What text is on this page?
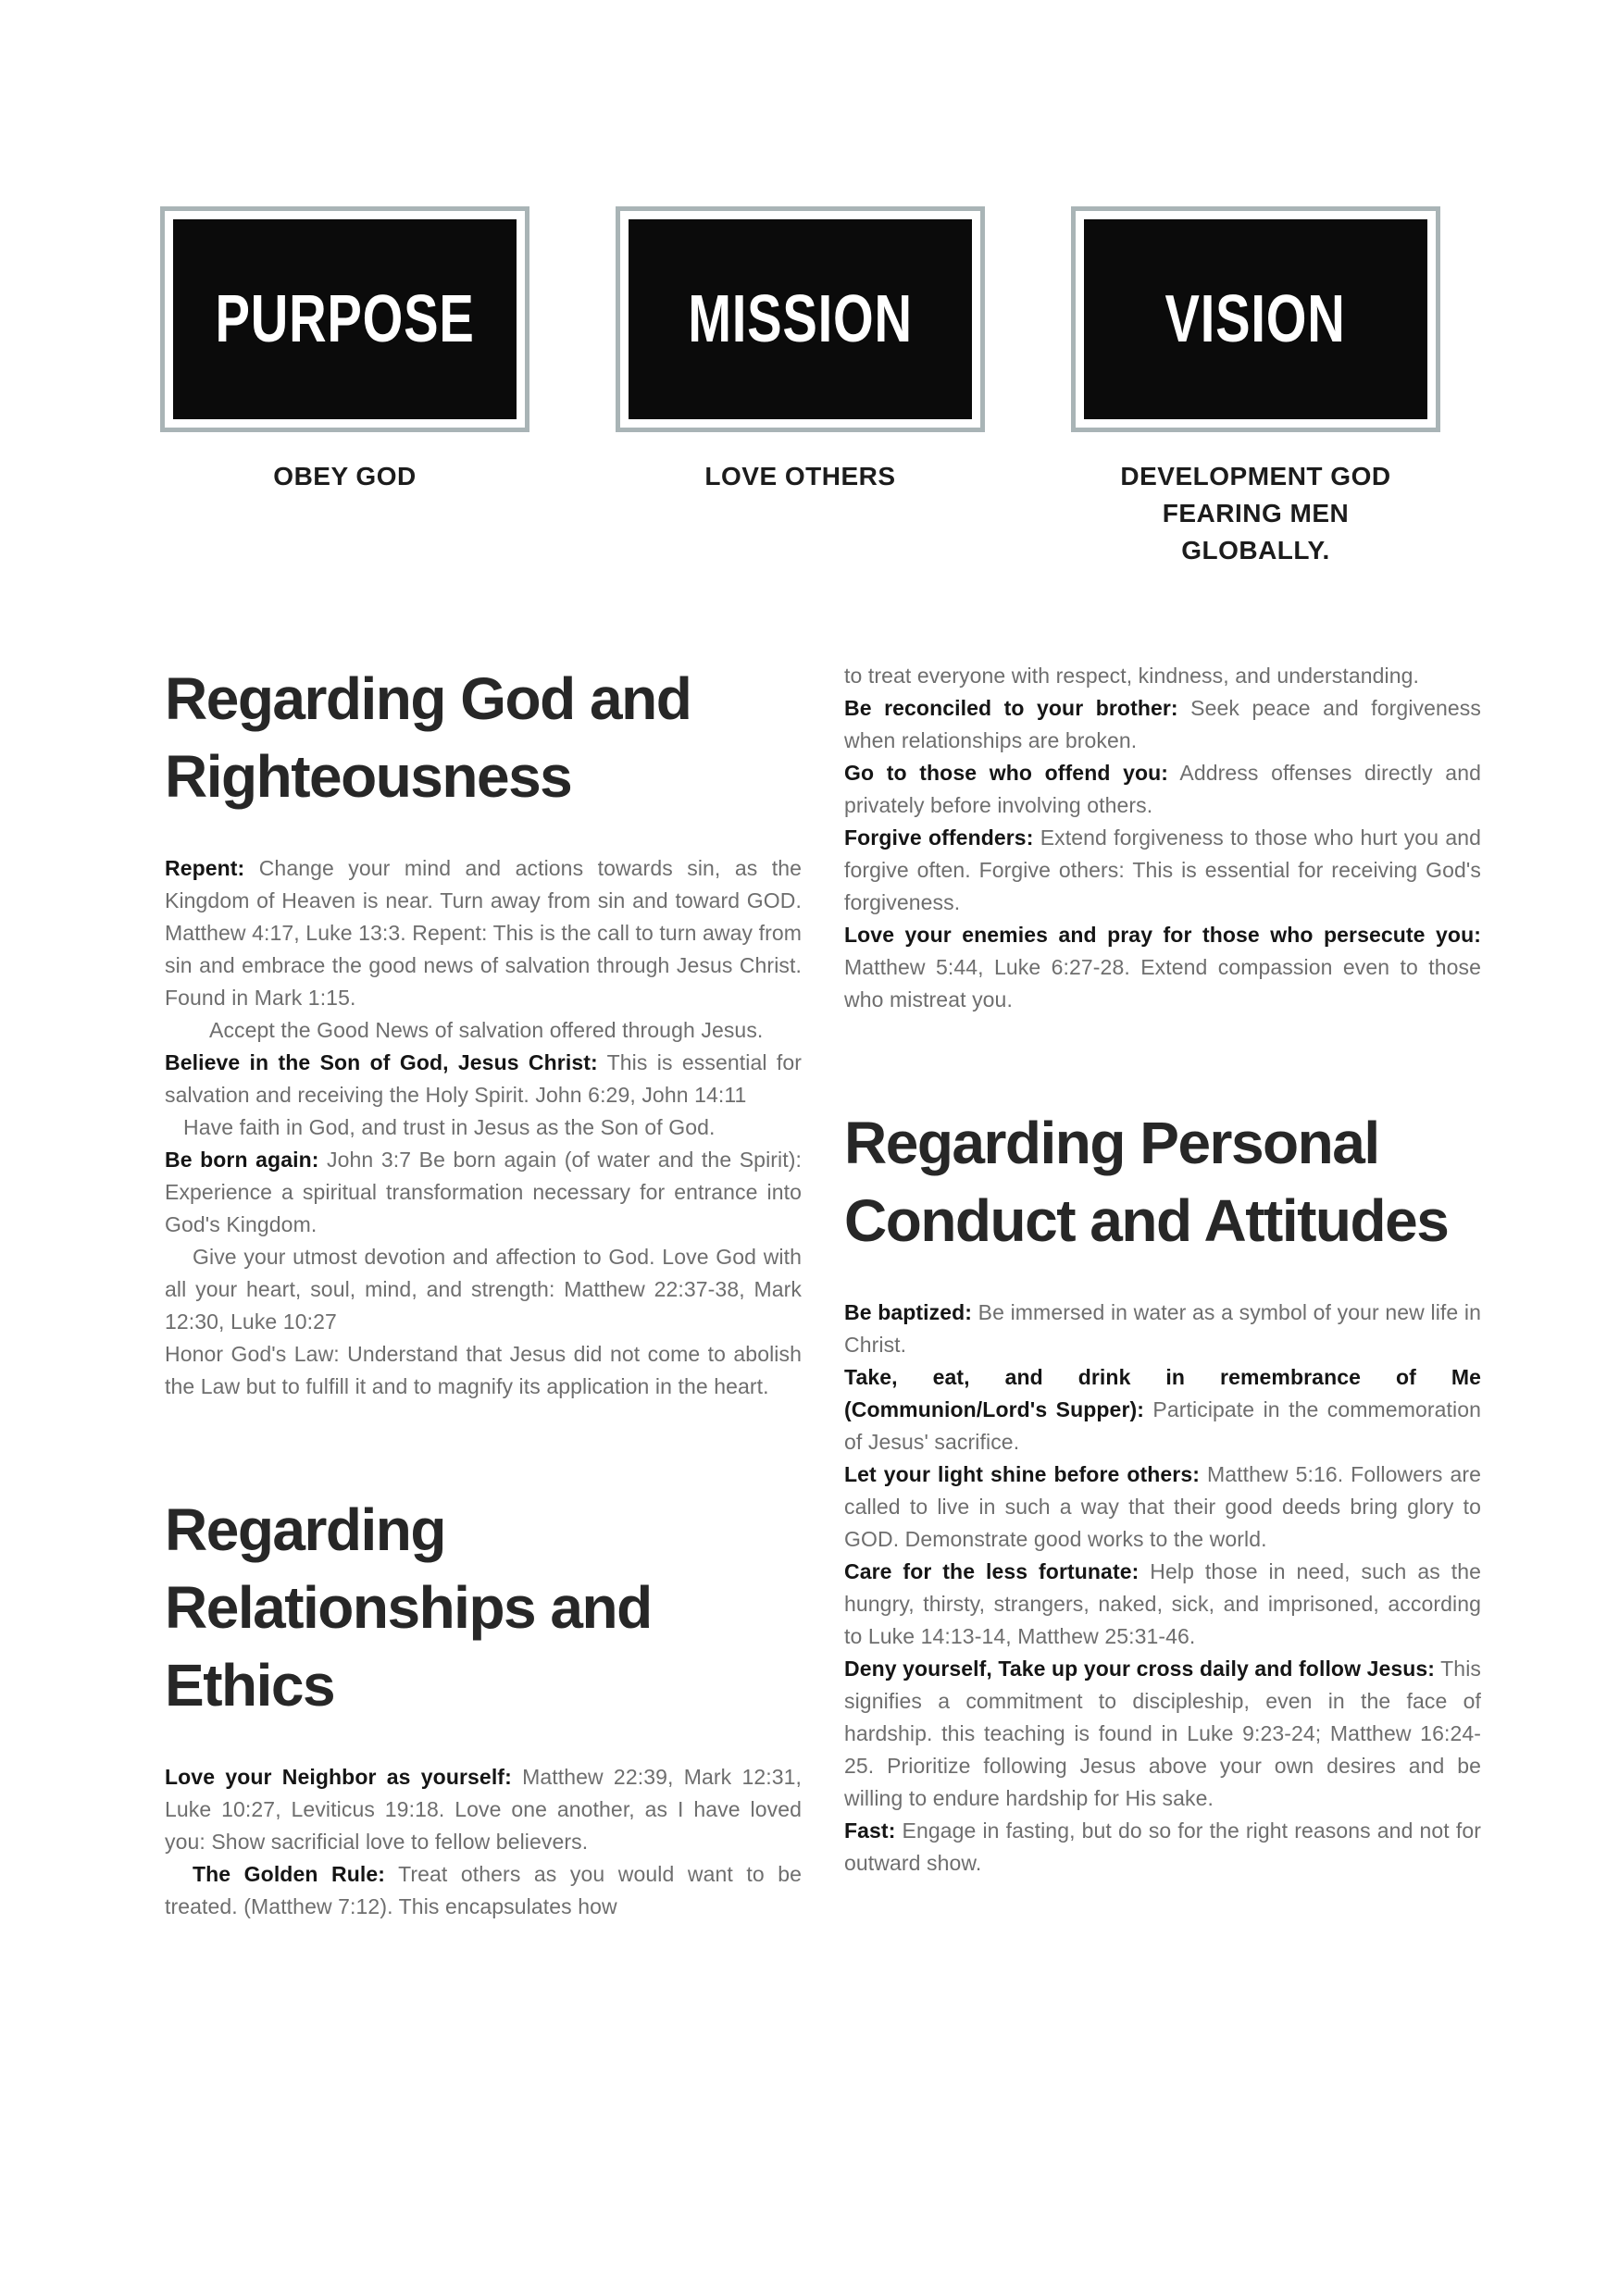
PURPOSE	MISSION	VISION
OBEY GOD	LOVE OTHERS	DEVELOPMENT GOD FEARING MEN GLOBALLY.
Regarding God and Righteousness

Repent: Change your mind and actions towards sin, as the Kingdom of Heaven is near. Turn away from sin and toward GOD. Matthew 4:17, Luke 13:3. Repent: This is the call to turn away from sin and embrace the good news of salvation through Jesus Christ. Found in Mark 1:15.

Accept the Good News of salvation offered through Jesus.

Believe in the Son of God, Jesus Christ: This is essential for salvation and receiving the Holy Spirit. John 6:29, John 14:11

Have faith in God, and trust in Jesus as the Son of God.

Be born again: John 3:7 Be born again (of water and the Spirit): Experience a spiritual transformation necessary for entrance into God's Kingdom.

Give your utmost devotion and affection to God. Love God with all your heart, soul, mind, and strength: Matthew 22:37-38, Mark 12:30, Luke 10:27

Honor God's Law: Understand that Jesus did not come to abolish the Law but to fulfill it and to magnify its application in the heart.

Regarding Relationships and Ethics

Love your Neighbor as yourself: Matthew 22:39, Mark 12:31, Luke 10:27, Leviticus 19:18. Love one another, as I have loved you: Show sacrificial love to fellow believers.

The Golden Rule: Treat others as you would want to be treated. (Matthew 7:12). This encapsulates how

to treat everyone with respect, kindness, and understanding.

Be reconciled to your brother: Seek peace and forgiveness when relationships are broken.

Go to those who offend you: Address offenses directly and privately before involving others.

Forgive offenders: Extend forgiveness to those who hurt you and forgive often. Forgive others: This is essential for receiving God's forgiveness.

Love your enemies and pray for those who persecute you: Matthew 5:44, Luke 6:27-28. Extend compassion even to those who mistreat you.

Regarding Personal Conduct and Attitudes

Be baptized: Be immersed in water as a symbol of your new life in Christ.

Take, eat, and drink in remembrance of Me (Communion/Lord's Supper): Participate in the commemoration of Jesus' sacrifice.

Let your light shine before others: Matthew 5:16. Followers are called to live in such a way that their good deeds bring glory to GOD. Demonstrate good works to the world.

Care for the less fortunate: Help those in need, such as the hungry, thirsty, strangers, naked, sick, and imprisoned, according to Luke 14:13-14, Matthew 25:31-46.

Deny yourself, Take up your cross daily and follow Jesus: This signifies a commitment to discipleship, even in the face of hardship. this teaching is found in Luke 9:23-24; Matthew 16:24-25. Prioritize following Jesus above your own desires and be willing to endure hardship for His sake.

Fast: Engage in fasting, but do so for the right reasons and not for outward show.
